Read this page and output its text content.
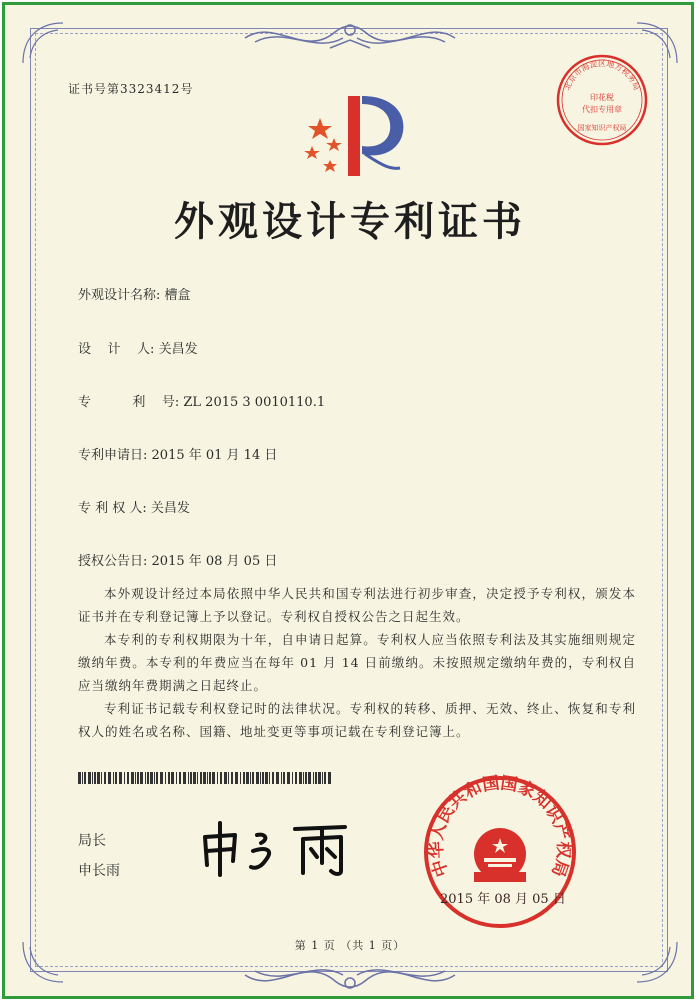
证书号第3323412号	北京市海淀区地方税务局
印花税
代扣专用章
国家知识产权局
外观设计专利证书
外观设计名称: 槽盒
设    计    人: 关昌发
专          利    号: ZL 2015 3 0010110.1
专利申请日: 2015 年 01 月 14 日
专 利 权 人: 关昌发
授权公告日: 2015 年 08 月 05 日

本外观设计经过本局依照中华人民共和国专利法进行初步审查，决定授予专利权，颁发本证书并在专利登记簿上予以登记。专利权自授权公告之日起生效。

本专利的专利权期限为十年，自申请日起算。专利权人应当依照专利法及其实施细则规定缴纳年费。本专利的年费应当在每年 01 月 14 日前缴纳。未按照规定缴纳年费的，专利权自应当缴纳年费期满之日起终止。

专利证书记载专利权登记时的法律状况。专利权的转移、质押、无效、终止、恢复和专利权人的姓名或名称、国籍、地址变更等事项记载在专利登记簿上。

局长
申长雨	中华人民共和国国家知识产权局
2015 年 08 月 05 日
第 1 页 （共 1 页）
